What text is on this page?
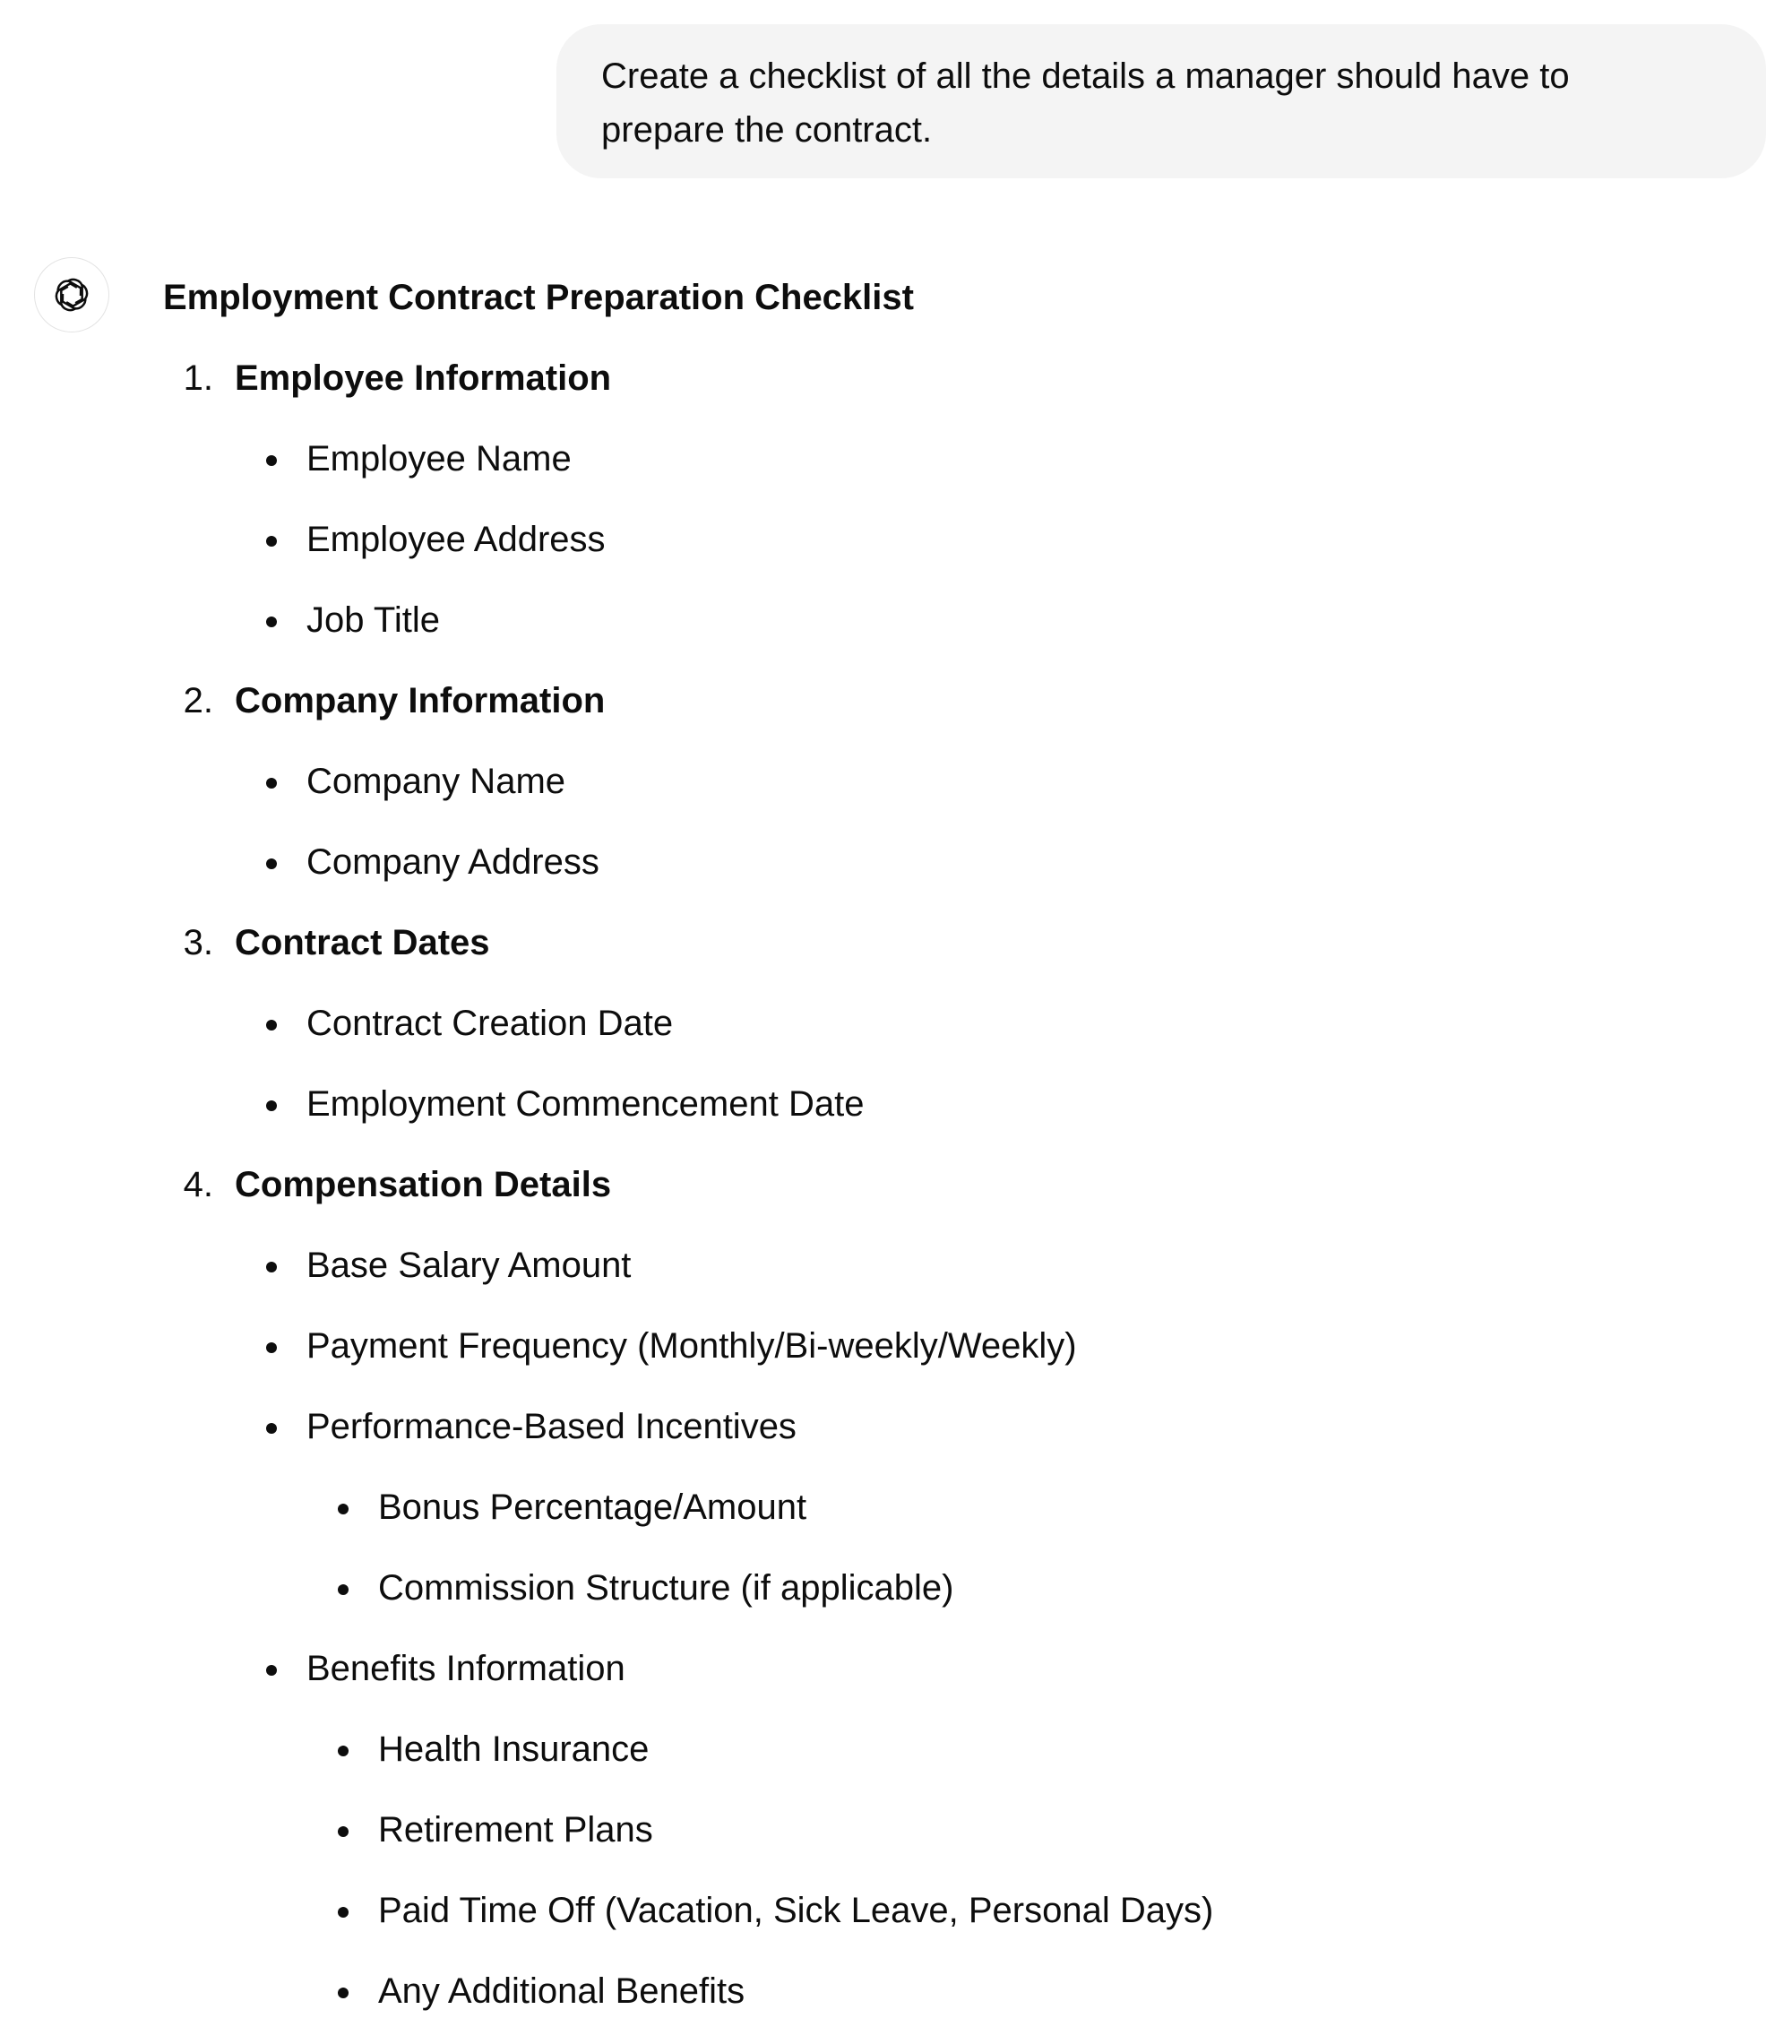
Create a checklist of all the details a manager should have to
prepare the contract.
Employment Contract Preparation Checklist
1. Employee Information
Employee Name
Employee Address
Job Title
2. Company Information
Company Name
Company Address
3. Contract Dates
Contract Creation Date
Employment Commencement Date
4. Compensation Details
Base Salary Amount
Payment Frequency (Monthly/Bi-weekly/Weekly)
Performance-Based Incentives
Bonus Percentage/Amount
Commission Structure (if applicable)
Benefits Information
Health Insurance
Retirement Plans
Paid Time Off (Vacation, Sick Leave, Personal Days)
Any Additional Benefits
